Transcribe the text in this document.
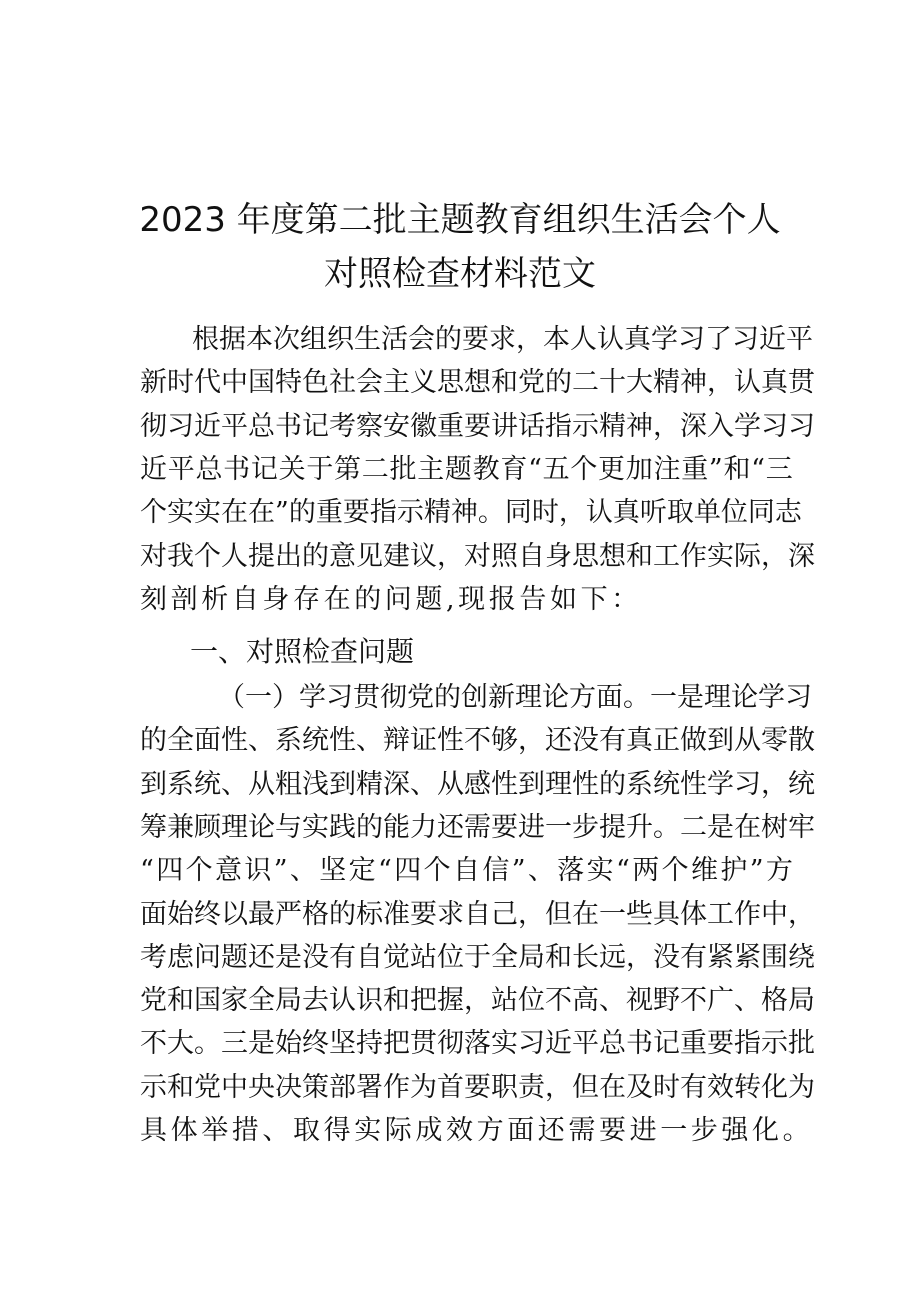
2023 年度第二批主题教育组织生活会个人
对照检查材料范文
根 据 本 次 组 织 生 活 会 的 要 求 ， 本 人 认 真 学 习 了 习 近 平
新 时 代 中 国 特 色 社 会 主 义 思 想 和 党 的 二 十 大 精 神 ， 认 真 贯
彻 习 近 平 总 书 记 考 察 安 徽 重 要 讲 话 指 示 精 神 ， 深 入 学 习 习
近 平 总 书 记 关 于 第 二 批 主 题 教 育 “ 五 个 更 加 注 重 ” 和 “ 三
个 实 实 在 在 ” 的 重 要 指 示 精 神 。 同 时 ， 认 真 听 取 单 位 同 志
对 我 个 人 提 出 的 意 见 建 议 ， 对 照 自 身 思 想 和 工 作 实 际 ， 深
刻剖析自身存在的问题,现报告如下：
一、对照检查问题
（ 一 ） 学 习 贯 彻 党 的 创 新 理 论 方 面 。 一 是 理 论 学 习
的 全 面 性 、 系 统 性 、 辩 证 性 不 够 ， 还 没 有 真 正 做 到 从 零 散
到 系 统 、 从 粗 浅 到 精 深 、 从 感 性 到 理 性 的 系 统 性 学 习 ， 统
筹 兼 顾 理 论 与 实 践 的 能 力 还 需 要 进 一 步 提 升 。 二 是 在 树 牢
“ 四 个 意 识 ” 、 坚 定 “ 四 个 自 信 ” 、 落 实 “ 两 个 维 护 ” 方
面 始 终 以 最 严 格 的 标 准 要 求 自 己 ， 但 在 一 些 具 体 工 作 中 ，
考 虑 问 题 还 是 没 有 自 觉 站 位 于 全 局 和 长 远 ， 没 有 紧 紧 围 绕
党 和 国 家 全 局 去 认 识 和 把 握 ， 站 位 不 高 、 视 野 不 广 、 格 局
不 大 。 三 是 始 终 坚 持 把 贯 彻 落 实 习 近 平 总 书 记 重 要 指 示 批
示 和 党 中 央 决 策 部 署 作 为 首 要 职 责 ， 但 在 及 时 有 效 转 化 为
具体举措、取得实际成效方面还需要进一步强化。
